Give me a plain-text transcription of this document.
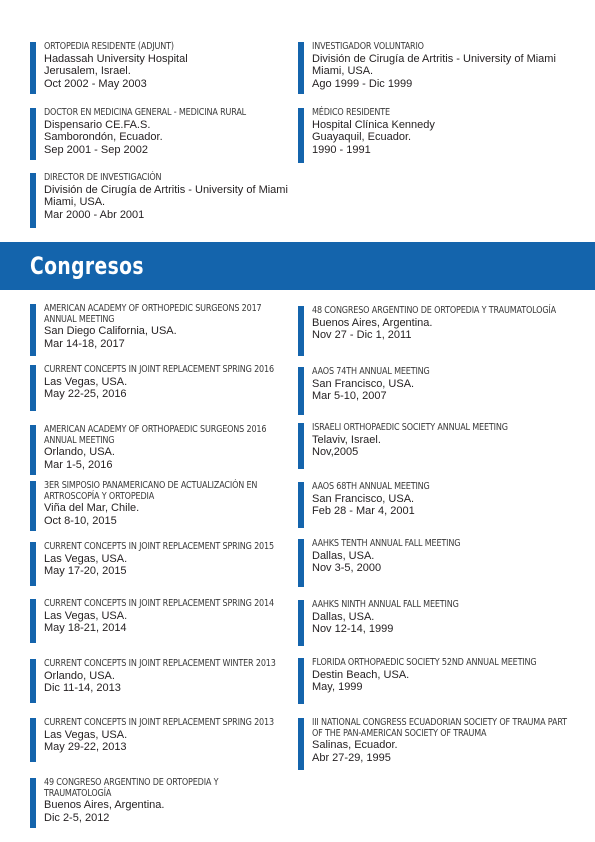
ORTOPEDIA RESIDENTE (ADJUNT)
Hadassah University Hospital
Jerusalem, Israel.
Oct 2002 - May 2003
INVESTIGADOR VOLUNTARIO
División de Cirugía de Artritis - University of Miami
Miami, USA.
Ago 1999 - Dic 1999
DOCTOR EN MEDICINA GENERAL - MEDICINA RURAL
Dispensario CE.FA.S.
Samborondón, Ecuador.
Sep 2001 - Sep 2002
MÉDICO RESIDENTE
Hospital Clínica Kennedy
Guayaquil, Ecuador.
1990 - 1991
DIRECTOR DE INVESTIGACIÓN
División de Cirugía de Artritis - University of Miami
Miami, USA.
Mar 2000 - Abr 2001
Congresos
AMERICAN ACADEMY OF ORTHOPEDIC SURGEONS 2017 ANNUAL MEETING
San Diego California, USA.
Mar 14-18, 2017
CURRENT CONCEPTS IN JOINT REPLACEMENT SPRING 2016
Las Vegas, USA.
May 22-25, 2016
AMERICAN ACADEMY OF ORTHOPAEDIC SURGEONS 2016 ANNUAL MEETING
Orlando, USA.
Mar 1-5, 2016
3ER SIMPOSIO PANAMERICANO DE ACTUALIZACIÓN EN ARTROSCOPÍA Y ORTOPEDIA
Viña del Mar, Chile.
Oct 8-10, 2015
CURRENT CONCEPTS IN JOINT REPLACEMENT SPRING 2015
Las Vegas, USA.
May 17-20, 2015
CURRENT CONCEPTS IN JOINT REPLACEMENT SPRING 2014
Las Vegas, USA.
May 18-21, 2014
CURRENT CONCEPTS IN JOINT REPLACEMENT WINTER 2013
Orlando, USA.
Dic 11-14, 2013
CURRENT CONCEPTS IN JOINT REPLACEMENT SPRING 2013
Las Vegas, USA.
May 29-22, 2013
49 CONGRESO ARGENTINO DE ORTOPEDIA Y TRAUMATOLOGÍA
Buenos Aires, Argentina.
Dic 2-5, 2012
48 CONGRESO ARGENTINO DE ORTOPEDIA Y TRAUMATOLOGÍA
Buenos Aires, Argentina.
Nov 27 - Dic 1, 2011
AAOS 74TH ANNUAL MEETING
San Francisco, USA.
Mar 5-10, 2007
ISRAELI ORTHOPAEDIC SOCIETY ANNUAL MEETING
Telaviv, Israel.
Nov,2005
AAOS 68TH ANNUAL MEETING
San Francisco, USA.
Feb 28 - Mar 4, 2001
AAHKS TENTH ANNUAL FALL MEETING
Dallas, USA.
Nov 3-5, 2000
AAHKS NINTH ANNUAL FALL MEETING
Dallas, USA.
Nov 12-14, 1999
FLORIDA ORTHOPAEDIC SOCIETY 52ND ANNUAL MEETING
Destin Beach, USA.
May, 1999
III NATIONAL CONGRESS ECUADORIAN SOCIETY OF TRAUMA PART OF THE PAN-AMERICAN SOCIETY OF TRAUMA
Salinas, Ecuador.
Abr 27-29, 1995
